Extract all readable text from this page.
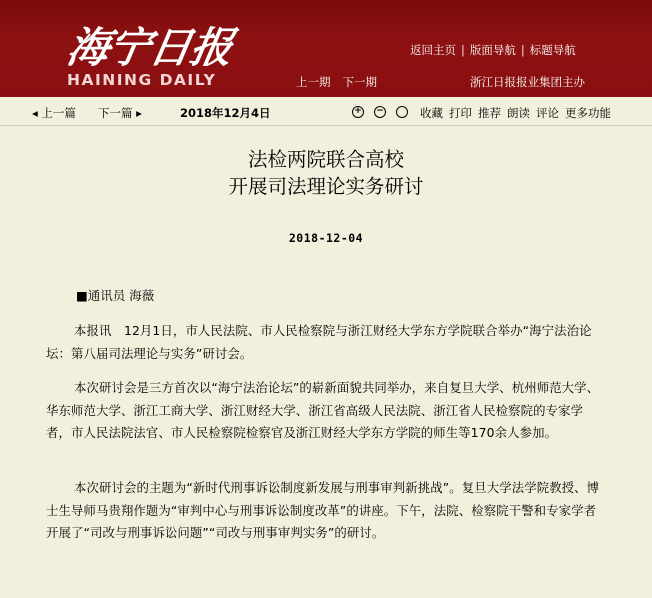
海宁日报
HAINING DAILY
返回主页 | 版面导航 | 标题导航
上一期 下一期	浙江日报报业集团主办
◂ 上一篇 下一篇 ▸	2018年12月4日	+ −	收藏 打印 推荐 朗读 评论 更多功能
法检两院联合高校
开展司法理论实务研讨
2018-12-04
■通讯员 海薇
本报讯　12月1日，市人民法院、市人民检察院与浙江财经大学东方学院联合举办“海宁法治论坛：第八届司法理论与实务”研讨会。
本次研讨会是三方首次以“海宁法治论坛”的崭新面貌共同举办，来自复旦大学、杭州师范大学、华东师范大学、浙江工商大学、浙江财经大学、浙江省高级人民法院、浙江省人民检察院的专家学者，市人民法院法官、市人民检察院检察官及浙江财经大学东方学院的师生等170余人参加。
本次研讨会的主题为“新时代刑事诉讼制度新发展与刑事审判新挑战”。复旦大学法学院教授、博士生导师马贵翔作题为“审判中心与刑事诉讼制度改革”的讲座。下午，法院、检察院干警和专家学者开展了“司改与刑事诉讼问题”“司改与刑事审判实务”的研讨。
